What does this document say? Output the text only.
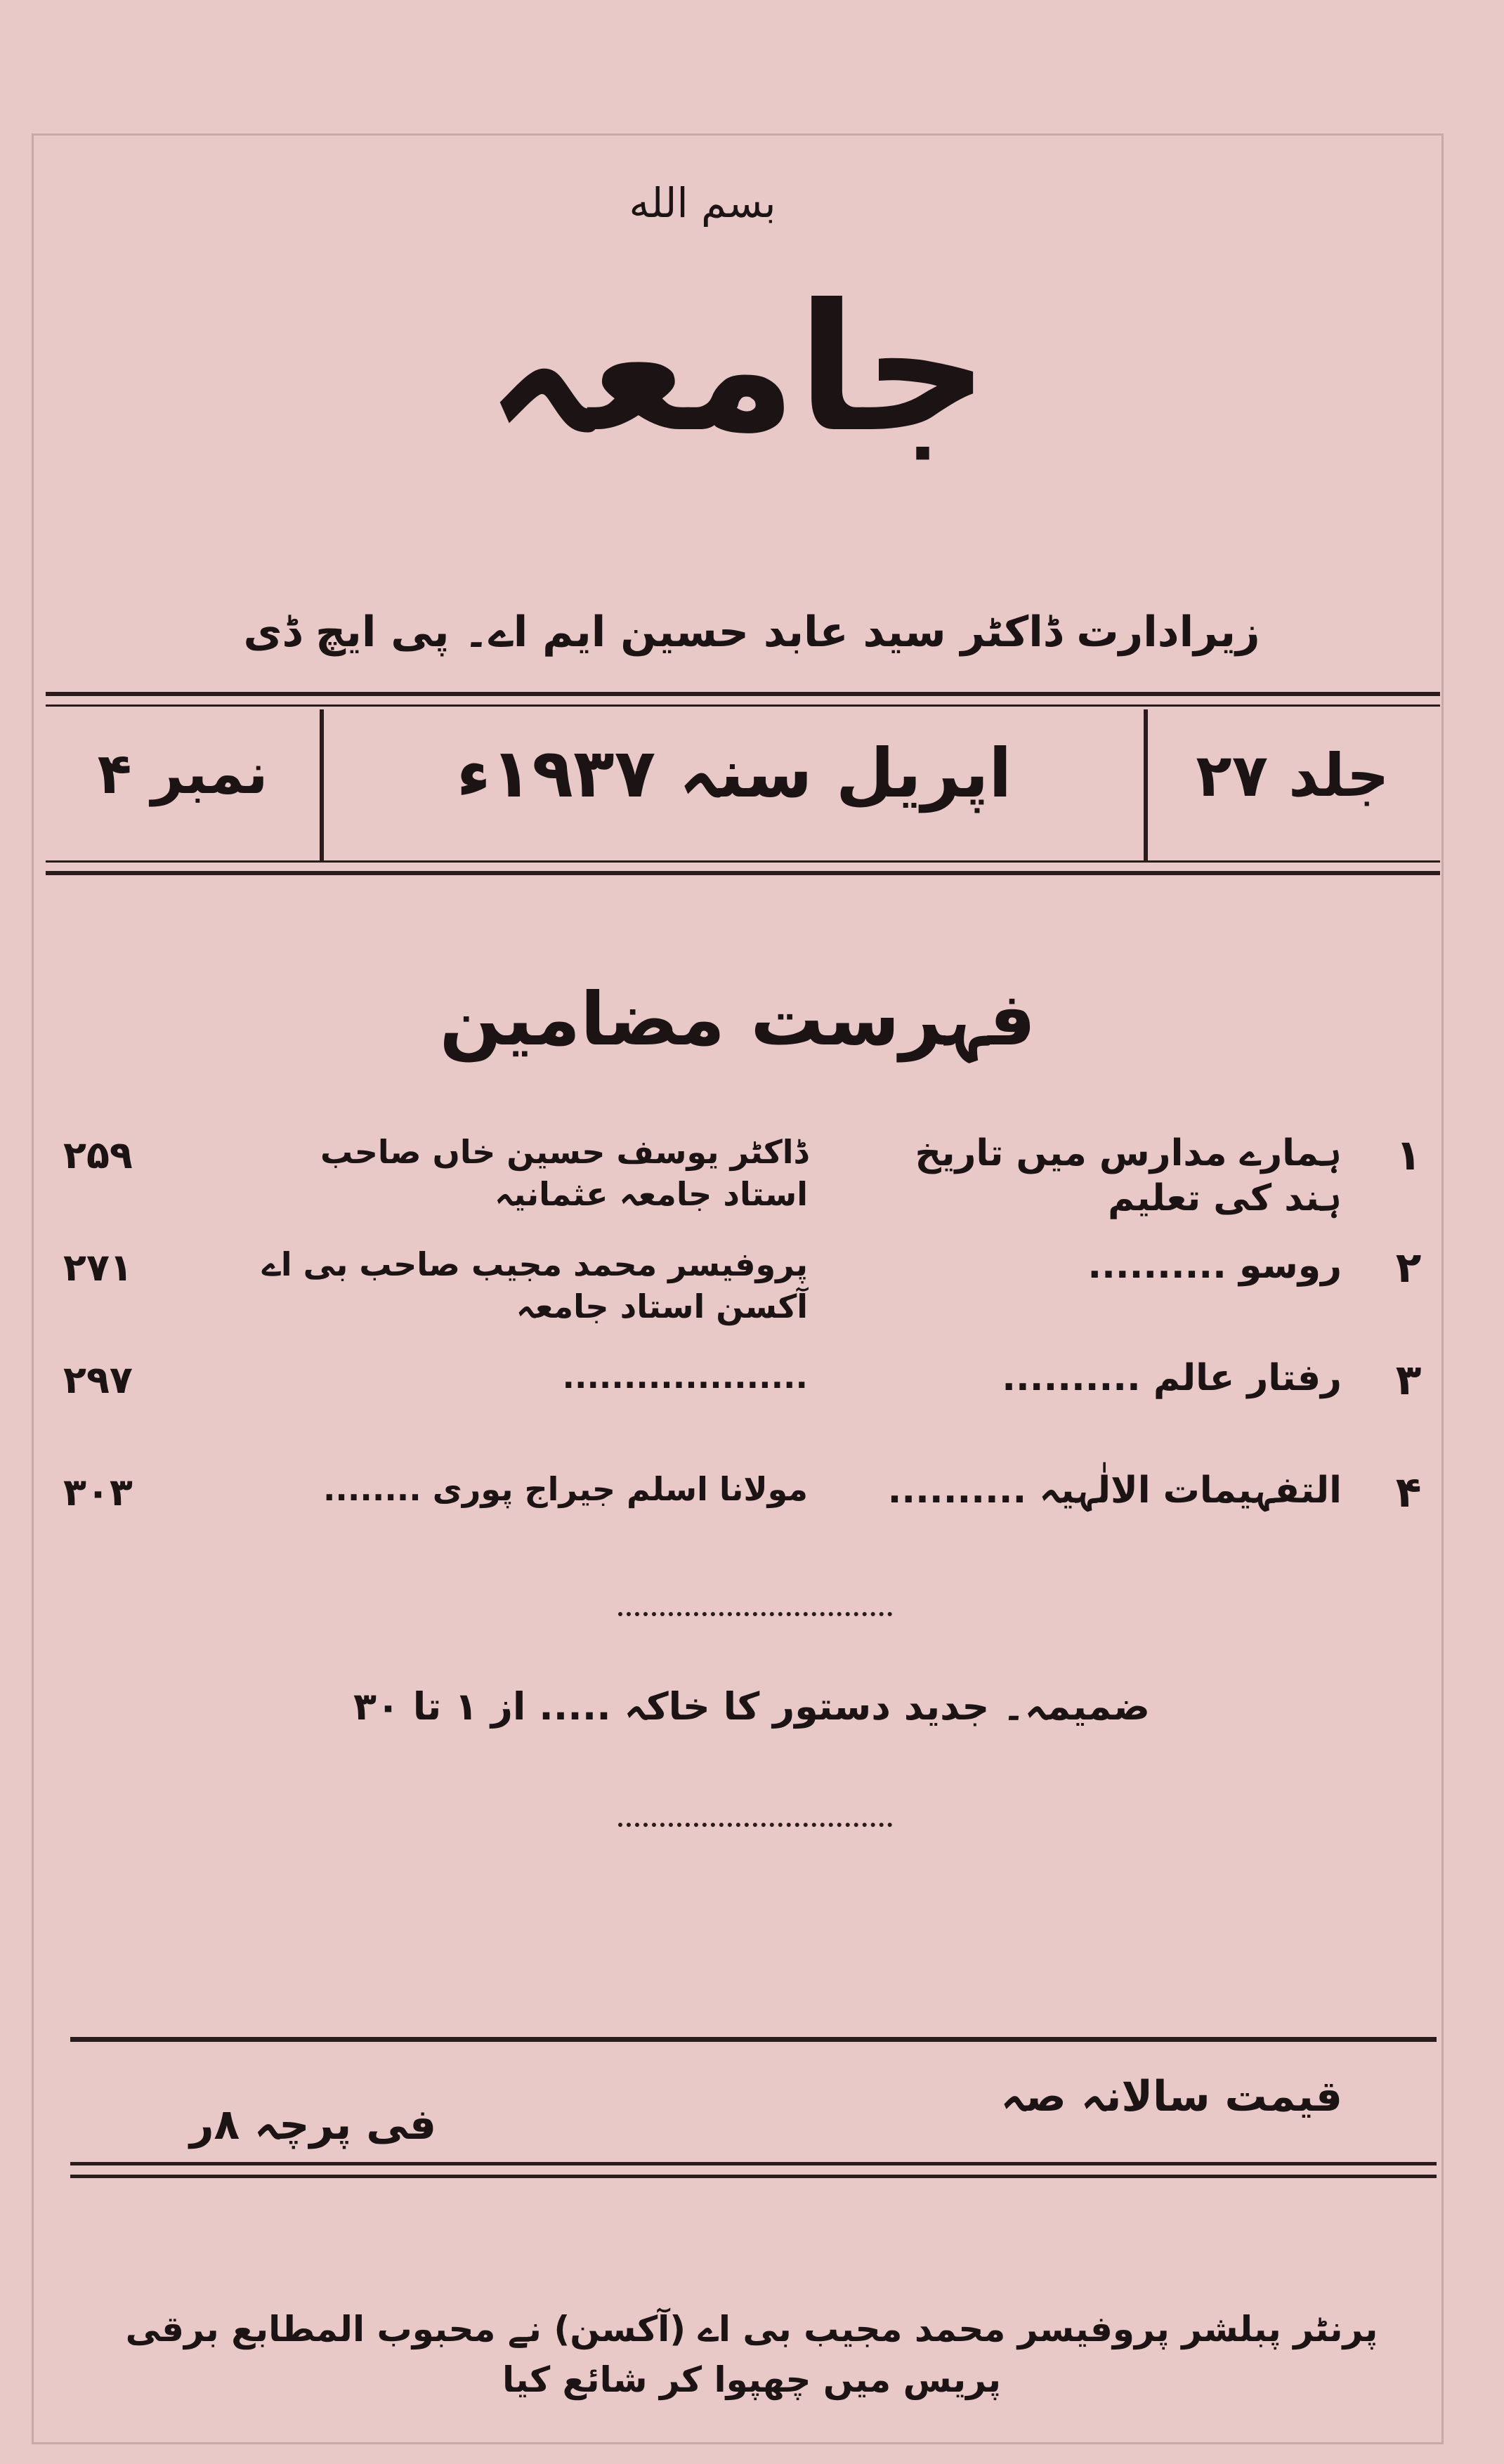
بسم الله
جامعہ
زیرادارت ڈاکٹر سید عابد حسین ایم اے۔ پی ایچ ڈی
جلد ۲۷
اپریل سنہ ۱۹۳۷ء
نمبر ۴
فہرست مضامین
۱
ہمارے مدارس میں تاریخ ہند کی تعلیم
ڈاکٹر یوسف حسین خاں صاحب استاد جامعہ عثمانیہ
۲۵۹
۲
روسو ..........
پروفیسر محمد مجیب صاحب بی اے آکسن استاد جامعہ
۲۷۱
۳
رفتار عالم ..........
....................
۲۹۷
۴
التفہیمات الالٰہیہ ..........
مولانا اسلم جیراج پوری ........
۳۰۳
ضمیمہ۔ جدید دستور کا خاکہ ..... از ۱ تا ۳۰
قیمت سالانہ صہ
فی پرچہ ۸ر
پرنٹر پبلشر پروفیسر محمد مجیب بی اے (آکسن) نے محبوب المطابع برقی پریس میں چھپوا کر شائع کیا
